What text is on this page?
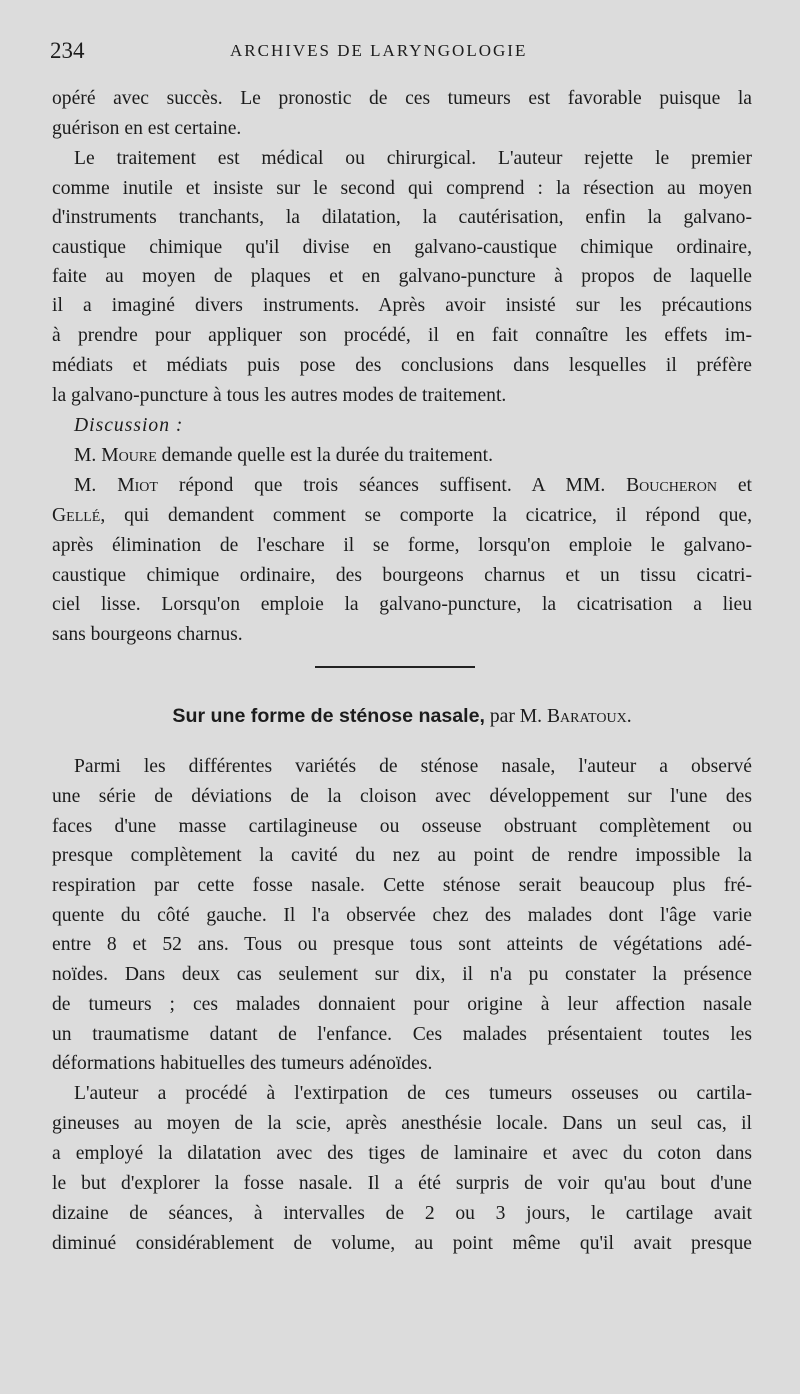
234	ARCHIVES DE LARYNGOLOGIE
opéré avec succès. Le pronostic de ces tumeurs est favorable puisque la
guérison en est certaine.
Le traitement est médical ou chirurgical. L'auteur rejette le premier
comme inutile et insiste sur le second qui comprend : la résection au moyen
d'instruments tranchants, la dilatation, la cautérisation, enfin la galvano-
caustique chimique qu'il divise en galvano-caustique chimique ordinaire,
faite au moyen de plaques et en galvano-puncture à propos de laquelle
il a imaginé divers instruments. Après avoir insisté sur les précautions
à prendre pour appliquer son procédé, il en fait connaître les effets im-
médiats et médiats puis pose des conclusions dans lesquelles il préfère
la galvano-puncture à tous les autres modes de traitement.
Discussion :
M. Moure demande quelle est la durée du traitement.
M. Miot répond que trois séances suffisent. A MM. Boucheron et
Gellé, qui demandent comment se comporte la cicatrice, il répond que,
après élimination de l'eschare il se forme, lorsqu'on emploie le galvano-
caustique chimique ordinaire, des bourgeons charnus et un tissu cicatri-
ciel lisse. Lorsqu'on emploie la galvano-puncture, la cicatrisation a lieu
sans bourgeons charnus.
Sur une forme de sténose nasale, par M. Baratoux.
Parmi les différentes variétés de sténose nasale, l'auteur a observé
une série de déviations de la cloison avec développement sur l'une des
faces d'une masse cartilagineuse ou osseuse obstruant complètement ou
presque complètement la cavité du nez au point de rendre impossible la
respiration par cette fosse nasale. Cette sténose serait beaucoup plus fré-
quente du côté gauche. Il l'a observée chez des malades dont l'âge varie
entre 8 et 52 ans. Tous ou presque tous sont atteints de végétations adé-
noïdes. Dans deux cas seulement sur dix, il n'a pu constater la présence
de tumeurs ; ces malades donnaient pour origine à leur affection nasale
un traumatisme datant de l'enfance. Ces malades présentaient toutes les
déformations habituelles des tumeurs adénoïdes.
L'auteur a procédé à l'extirpation de ces tumeurs osseuses ou cartila-
gineuses au moyen de la scie, après anesthésie locale. Dans un seul cas, il
a employé la dilatation avec des tiges de laminaire et avec du coton dans
le but d'explorer la fosse nasale. Il a été surpris de voir qu'au bout d'une
dizaine de séances, à intervalles de 2 ou 3 jours, le cartilage avait
diminué considérablement de volume, au point même qu'il avait presque
